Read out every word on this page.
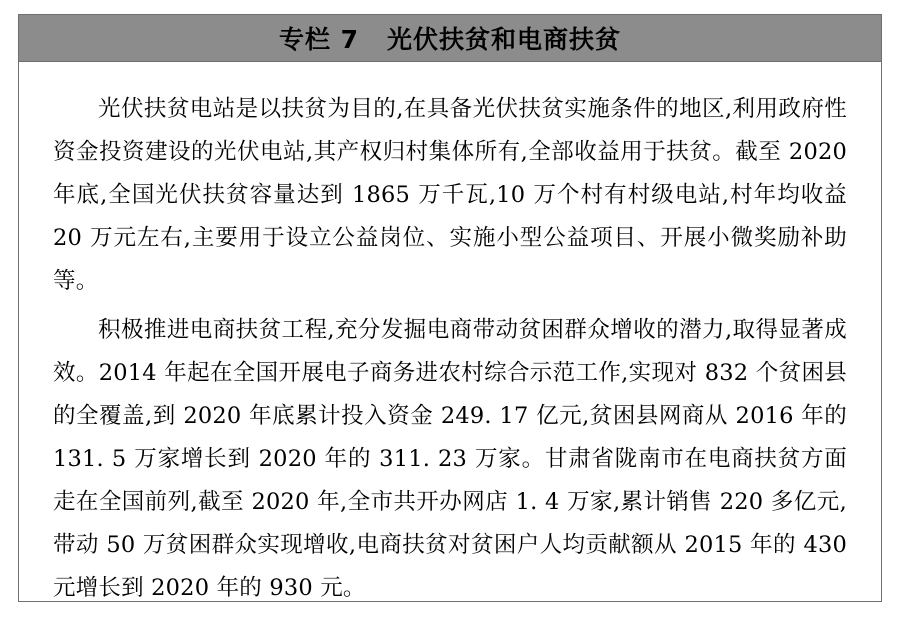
专栏 7 光伏扶贫和电商扶贫

光伏扶贫电站是以扶贫为目的,在具备光伏扶贫实施条件的地区,利用政府性资金投资建设的光伏电站,其产权归村集体所有,全部收益用于扶贫。截至 2020 年底,全国光伏扶贫容量达到 1865 万千瓦,10 万个村有村级电站,村年均收益 20 万元左右,主要用于设立公益岗位、实施小型公益项目、开展小微奖励补助等。

积极推进电商扶贫工程,充分发掘电商带动贫困群众增收的潜力,取得显著成效。2014 年起在全国开展电子商务进农村综合示范工作,实现对 832 个贫困县的全覆盖,到 2020 年底累计投入资金 249. 17 亿元,贫困县网商从 2016 年的 131. 5 万家增长到 2020 年的 311. 23 万家。甘肃省陇南市在电商扶贫方面走在全国前列,截至 2020 年,全市共开办网店 1. 4 万家,累计销售 220 多亿元,带动 50 万贫困群众实现增收,电商扶贫对贫困户人均贡献额从 2015 年的 430 元增长到 2020 年的 930 元。
